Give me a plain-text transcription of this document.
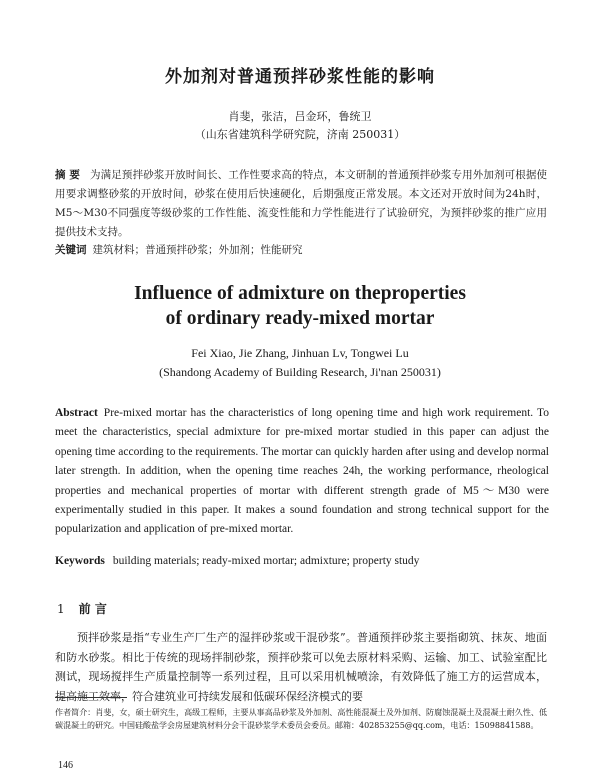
外加剂对普通预拌砂浆性能的影响
肖斐，张洁，吕金环，鲁统卫
（山东省建筑科学研究院，济南 250031）
摘 要 为满足预拌砂浆开放时间长、工作性要求高的特点，本文研制的普通预拌砂浆专用外加剂可根据使用要求调整砂浆的开放时间，砂浆在使用后快速硬化，后期强度正常发展。本文还对开放时间为24h时，M5～M30不同强度等级砂浆的工作性能、流变性能和力学性能进行了试验研究，为预拌砂浆的推广应用提供技术支持。
关键词 建筑材料；普通预拌砂浆；外加剂；性能研究
Influence of admixture on theproperties
of ordinary ready-mixed mortar
Fei Xiao, Jie Zhang, Jinhuan Lv, Tongwei Lu
(Shandong Academy of Building Research, Ji'nan 250031)
Abstract Pre-mixed mortar has the characteristics of long opening time and high work requirement. To meet the characteristics, special admixture for pre-mixed mortar studied in this paper can adjust the opening time according to the requirements. The mortar can quickly harden after using and develop normal later strength. In addition, when the opening time reaches 24h, the working performance, rheological properties and mechanical properties of mortar with different strength grade of M5～M30 were experimentally studied in this paper. It makes a sound foundation and strong technical support for the popularization and application of pre-mixed mortar.
Keywords building materials; ready-mixed mortar; admixture; property study
1 前 言
预拌砂浆是指“专业生产厂生产的湿拌砂浆或干混砂浆”。普通预拌砂浆主要指砌筑、抹灰、地面和防水砂浆。相比于传统的现场拌制砂浆，预拌砂浆可以免去原材料采购、运输、加工、试验室配比测试，现场搅拌生产质量控制等一系列过程，且可以采用机械喷涂，有效降低了施工方的运营成本，提高施工效率，符合建筑业可持续发展和低碳环保经济模式的要
作者简介：肖斐，女，硕士研究生，高级工程师，主要从事高品砂浆及外加剂、高性能混凝土及外加剂、防腐蚀混凝土及混凝土耐久性、低碳混凝土的研究。中国硅酸盐学会房屋建筑材料分会干混砂浆学术委员会委员。邮箱：402853255@qq.com，电话：15098841588。
146
